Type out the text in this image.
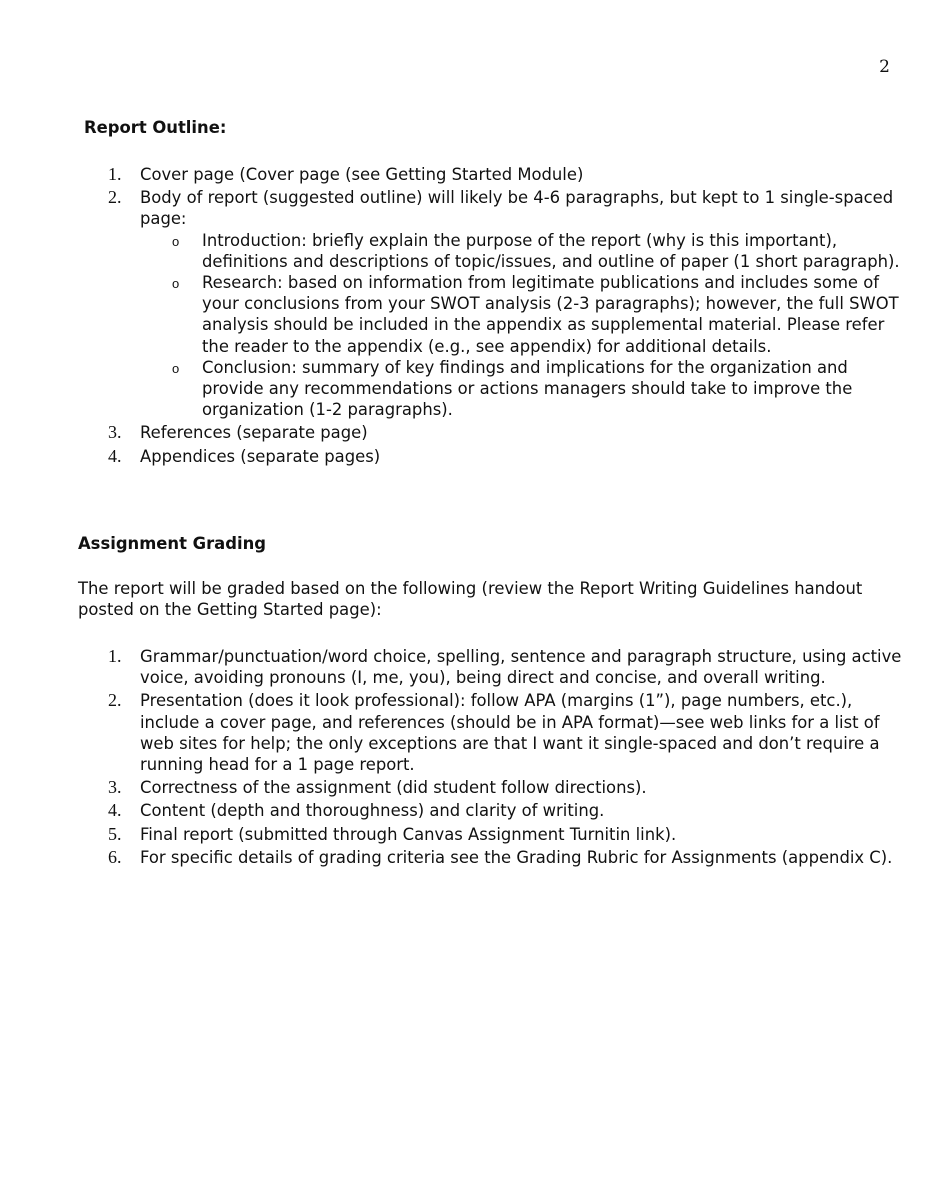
2
Report Outline:
1. Cover page (Cover page (see Getting Started Module)
2. Body of report (suggested outline) will likely be 4-6 paragraphs, but kept to 1 single-spaced page:
o Introduction: briefly explain the purpose of the report (why is this important), definitions and descriptions of topic/issues, and outline of paper (1 short paragraph).
o Research: based on information from legitimate publications and includes some of your conclusions from your SWOT analysis (2-3 paragraphs); however, the full SWOT analysis should be included in the appendix as supplemental material. Please refer the reader to the appendix (e.g., see appendix) for additional details.
o Conclusion: summary of key findings and implications for the organization and provide any recommendations or actions managers should take to improve the organization (1-2 paragraphs).
3. References (separate page)
4. Appendices (separate pages)
Assignment Grading

The report will be graded based on the following (review the Report Writing Guidelines handout posted on the Getting Started page):

1. Grammar/punctuation/word choice, spelling, sentence and paragraph structure, using active voice, avoiding pronouns (I, me, you), being direct and concise, and overall writing.
2. Presentation (does it look professional): follow APA (margins (1”), page numbers, etc.), include a cover page, and references (should be in APA format)—see web links for a list of web sites for help; the only exceptions are that I want it single-spaced and don’t require a running head for a 1 page report.
3. Correctness of the assignment (did student follow directions).
4. Content (depth and thoroughness) and clarity of writing.
5. Final report (submitted through Canvas Assignment Turnitin link).
6. For specific details of grading criteria see the Grading Rubric for Assignments (appendix C).
